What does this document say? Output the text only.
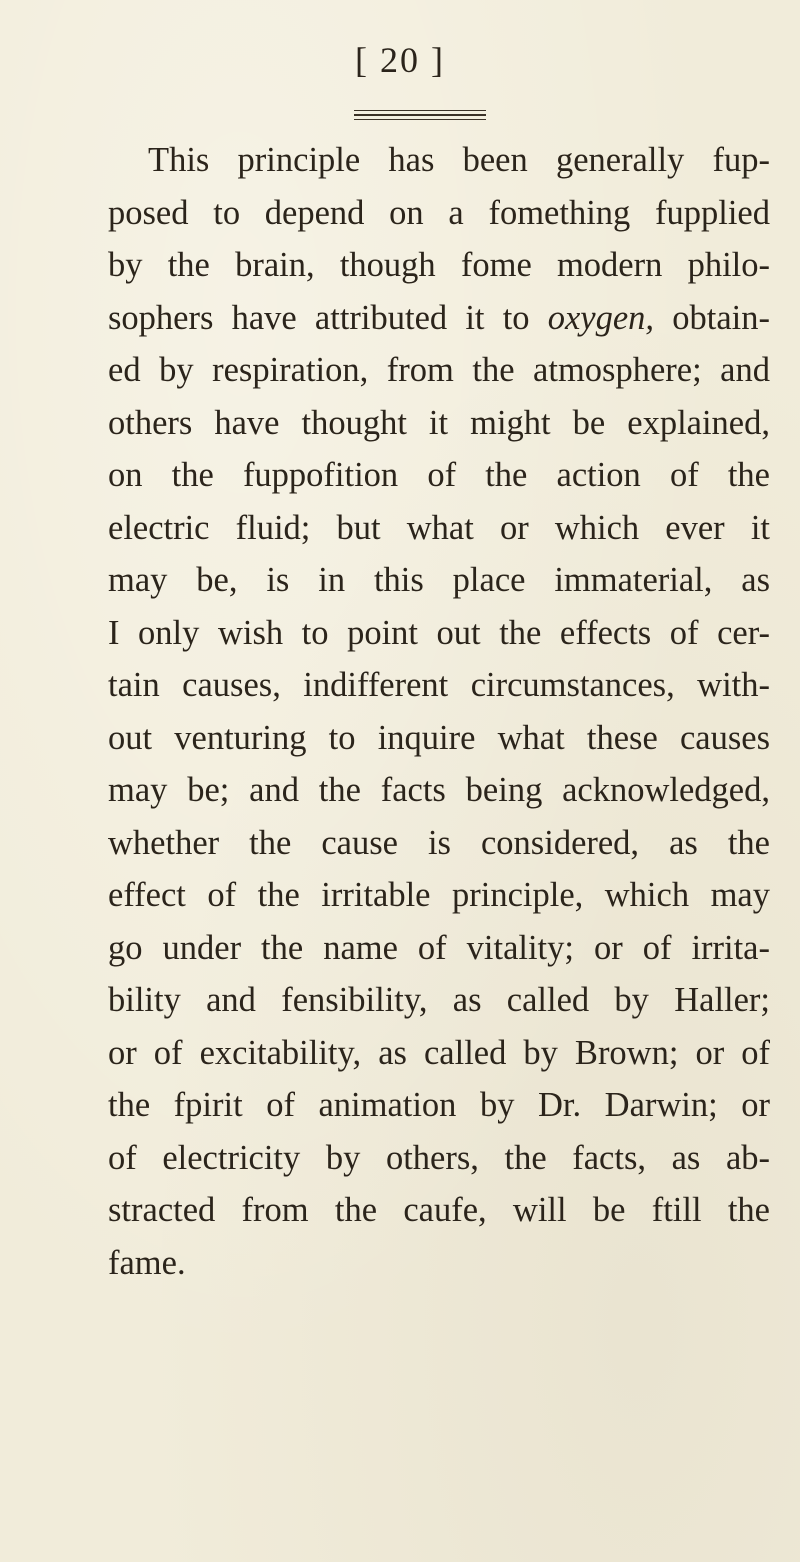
[ 20 ]
This principle has been generally fup-
posed to depend on a fomething fupplied
by the brain, though fome modern philo-
sophers have attributed it to oxygen, obtain-
ed by respiration, from the atmosphere; and
others have thought it might be explained,
on the fuppofition of the action of the
electric fluid; but what or which ever it
may be, is in this place immaterial, as
I only wish to point out the effects of cer-
tain causes, indifferent circumstances, with-
out venturing to inquire what these causes
may be; and the facts being acknowledged,
whether the cause is considered, as the
effect of the irritable principle, which may
go under the name of vitality; or of irrita-
bility and fensibility, as called by Haller;
or of excitability, as called by Brown; or of
the fpirit of animation by Dr. Darwin; or
of electricity by others, the facts, as ab-
stracted from the caufe, will be ftill the
fame.
